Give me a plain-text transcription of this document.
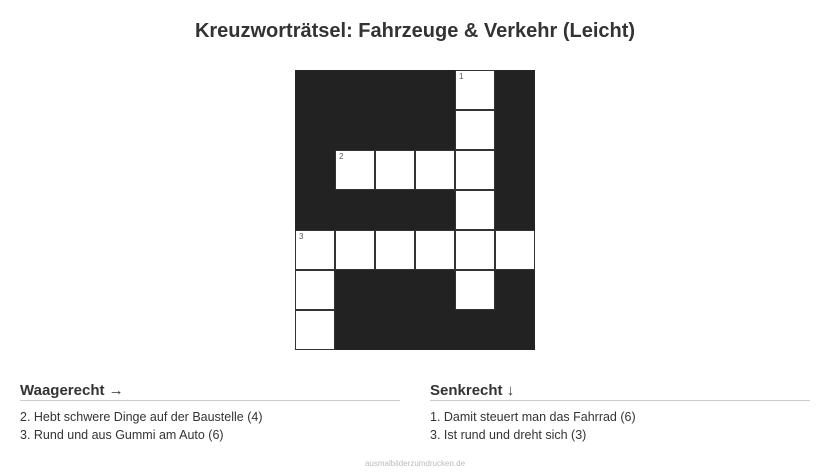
Kreuzworträtsel: Fahrzeuge & Verkehr (Leicht)
1
2
3
Waagerecht →
2. Hebt schwere Dinge auf der Baustelle (4)
3. Rund und aus Gummi am Auto (6)
Senkrecht ↓
1. Damit steuert man das Fahrrad (6)
3. Ist rund und dreht sich (3)
ausmalbilderzumdrucken.de
